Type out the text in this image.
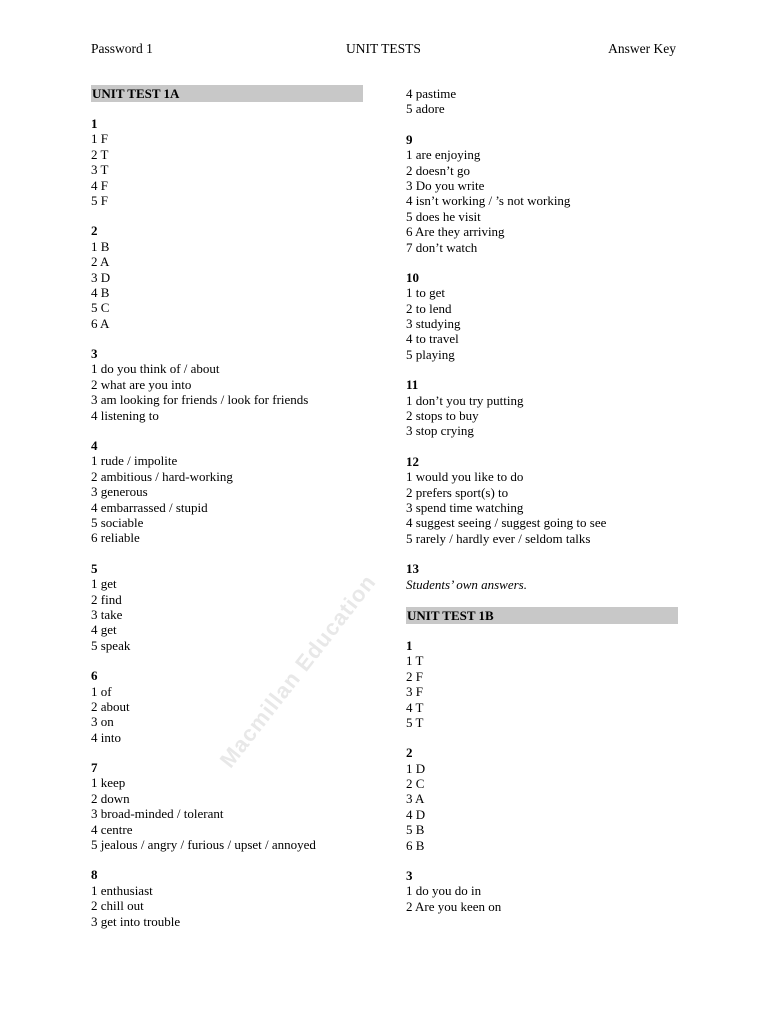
Password 1	UNIT TESTS	Answer Key
UNIT TEST 1A
1
1 F
2 T
3 T
4 F
5 F
2
1 B
2 A
3 D
4 B
5 C
6 A
3
1 do you think of / about
2 what are you into
3 am looking for friends / look for friends
4 listening to
4
1 rude / impolite
2 ambitious / hard-working
3 generous
4 embarrassed / stupid
5 sociable
6 reliable
5
1 get
2 find
3 take
4 get
5 speak
6
1 of
2 about
3 on
4 into
7
1 keep
2 down
3 broad-minded / tolerant
4 centre
5 jealous / angry / furious / upset / annoyed
8
1 enthusiast
2 chill out
3 get into trouble
4 pastime
5 adore
9
1 are enjoying
2 doesn’t go
3 Do you write
4 isn’t working / ’s not working
5 does he visit
6 Are they arriving
7 don’t watch
10
1 to get
2 to lend
3 studying
4 to travel
5 playing
11
1 don’t you try putting
2 stops to buy
3 stop crying
12
1 would you like to do
2 prefers sport(s) to
3 spend time watching
4 suggest seeing / suggest going to see
5 rarely / hardly ever / seldom talks
13
Students’ own answers.
UNIT TEST 1B
1
1 T
2 F
3 F
4 T
5 T
2
1 D
2 C
3 A
4 D
5 B
6 B
3
1 do you do in
2 Are you keen on
Macmillan Education
